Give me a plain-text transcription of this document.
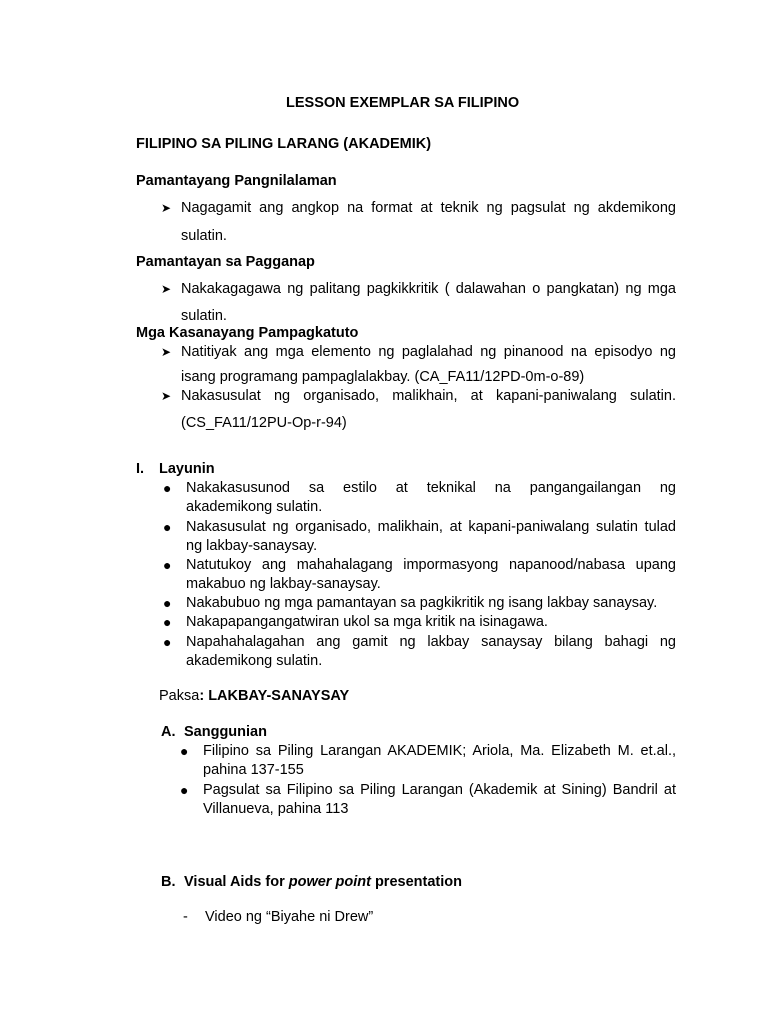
LESSON EXEMPLAR SA FILIPINO
FILIPINO SA PILING LARANG (AKADEMIK)
Pamantayang Pangnilalaman
➤ Nagagamit ang angkop na format at teknik ng pagsulat ng akdemikong
sulatin.
Pamantayan sa Pagganap
➤ Nakakagagawa ng palitang pagkikkritik ( dalawahan o pangkatan) ng mga
sulatin.
Mga Kasanayang Pampagkatuto
➤ Natitiyak ang mga elemento ng paglalahad ng pinanood na episodyo ng
isang programang pampaglalakbay. (CA_FA11/12PD-0m-o-89)
➤ Nakasusulat ng organisado, malikhain, at kapani-paniwalang sulatin.
(CS_FA11/12PU-Op-r-94)
I. Layunin
● Nakakasusunod sa estilo at teknikal na pangangailangan ng
akademikong sulatin.
● Nakasusulat ng organisado, malikhain, at kapani-paniwalang sulatin tulad
ng lakbay-sanaysay.
● Natutukoy ang mahahalagang impormasyong napanood/nabasa upang
makabuo ng lakbay-sanaysay.
● Nakabubuo ng mga pamantayan sa pagkikritik ng isang lakbay sanaysay.
● Nakapapangangatwiran ukol sa mga kritik na isinagawa.
● Napahahalagahan ang gamit ng lakbay sanaysay bilang bahagi ng
akademikong sulatin.
Paksa: LAKBAY-SANAYSAY
A. Sanggunian
● Filipino sa Piling Larangan AKADEMIK; Ariola, Ma. Elizabeth M. et.al.,
pahina 137-155
● Pagsulat sa Filipino sa Piling Larangan (Akademik at Sining) Bandril at
Villanueva, pahina 113
B. Visual Aids for power point presentation
- Video ng “Biyahe ni Drew”
